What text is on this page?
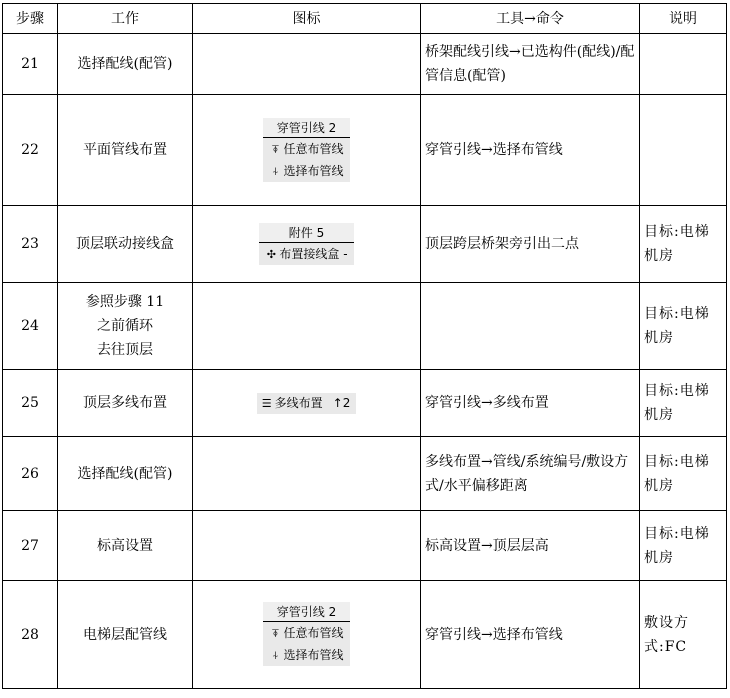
步骤	工作	图标	工具→命令	说明
21	选择配线(配管)		桥架配线引线→已选构件(配线)/配管信息(配管)	

22	平面管线布置	穿管引线 2
⍕ 任意布管线
⍭ 选择布管线	穿管引线→选择布管线	

23	顶层联动接线盒	附件 5
✣ 布置接线盒 -	顶层跨层桥架旁引出二点	目标:电梯机房

24	参照步骤 11
之前循环
去往顶层			目标:电梯机房

25	顶层多线布置	☰ 多线布置 ↑2	穿管引线→多线布置	目标:电梯机房

26	选择配线(配管)		多线布置→管线/系统编号/敷设方式/水平偏移距离	目标:电梯机房

27	标高设置		标高设置→顶层层高	目标:电梯机房

28	电梯层配管线	穿管引线 2
⍕ 任意布管线
⍭ 选择布管线	穿管引线→选择布管线	敷设方式:FC
